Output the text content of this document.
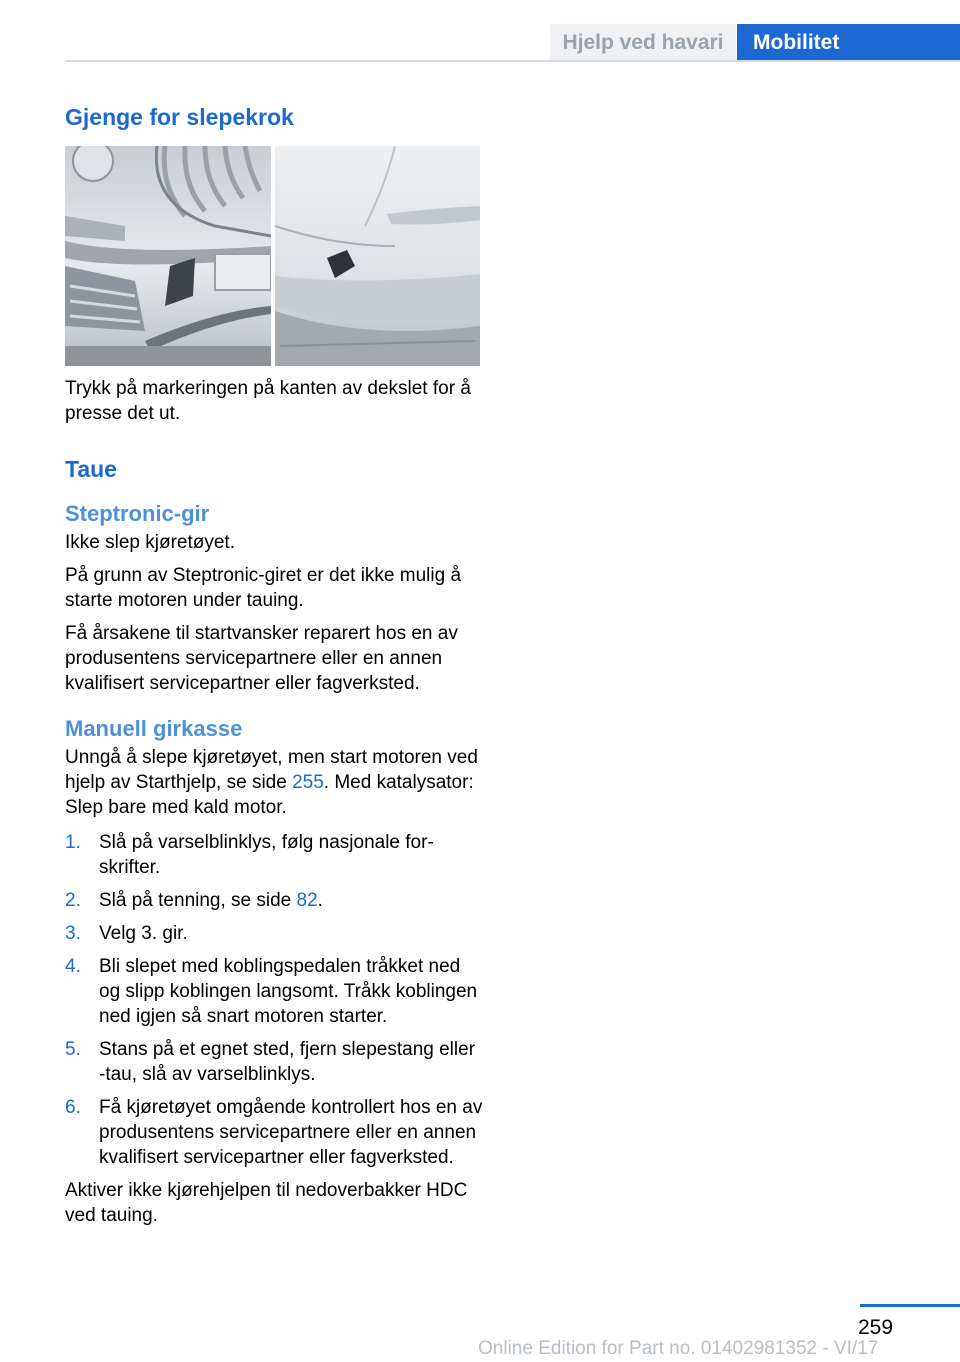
Hjelp ved havari	Mobilitet
Gjenge for slepekrok

Trykk på markeringen på kanten av dekslet for å presse det ut.

Taue
Steptronic-gir

Ikke slep kjøretøyet.

På grunn av Steptronic-giret er det ikke mulig å starte motoren under tauing.

Få årsakene til startvansker reparert hos en av produsentens servicepartnere eller en annen kvalifisert servicepartner eller fagverksted.

Manuell girkasse

Unngå å slepe kjøretøyet, men start motoren ved hjelp av Starthjelp, se side 255. Med katalysator: Slep bare med kald motor.

1. Slå på varselblinklys, følg nasjonale forskrifter.
2. Slå på tenning, se side 82.
3. Velg 3. gir.
4. Bli slepet med koblingspedalen tråkket ned og slipp koblingen langsomt. Tråkk koblingen ned igjen så snart motoren starter.
5. Stans på et egnet sted, fjern slepestang eller -tau, slå av varselblinklys.
6. Få kjøretøyet omgående kontrollert hos en av produsentens servicepartnere eller en annen kvalifisert servicepartner eller fagverksted.

Aktiver ikke kjørehjelpen til nedoverbakker HDC ved tauing.

259
Online Edition for Part no. 01402981352 - VI/17
